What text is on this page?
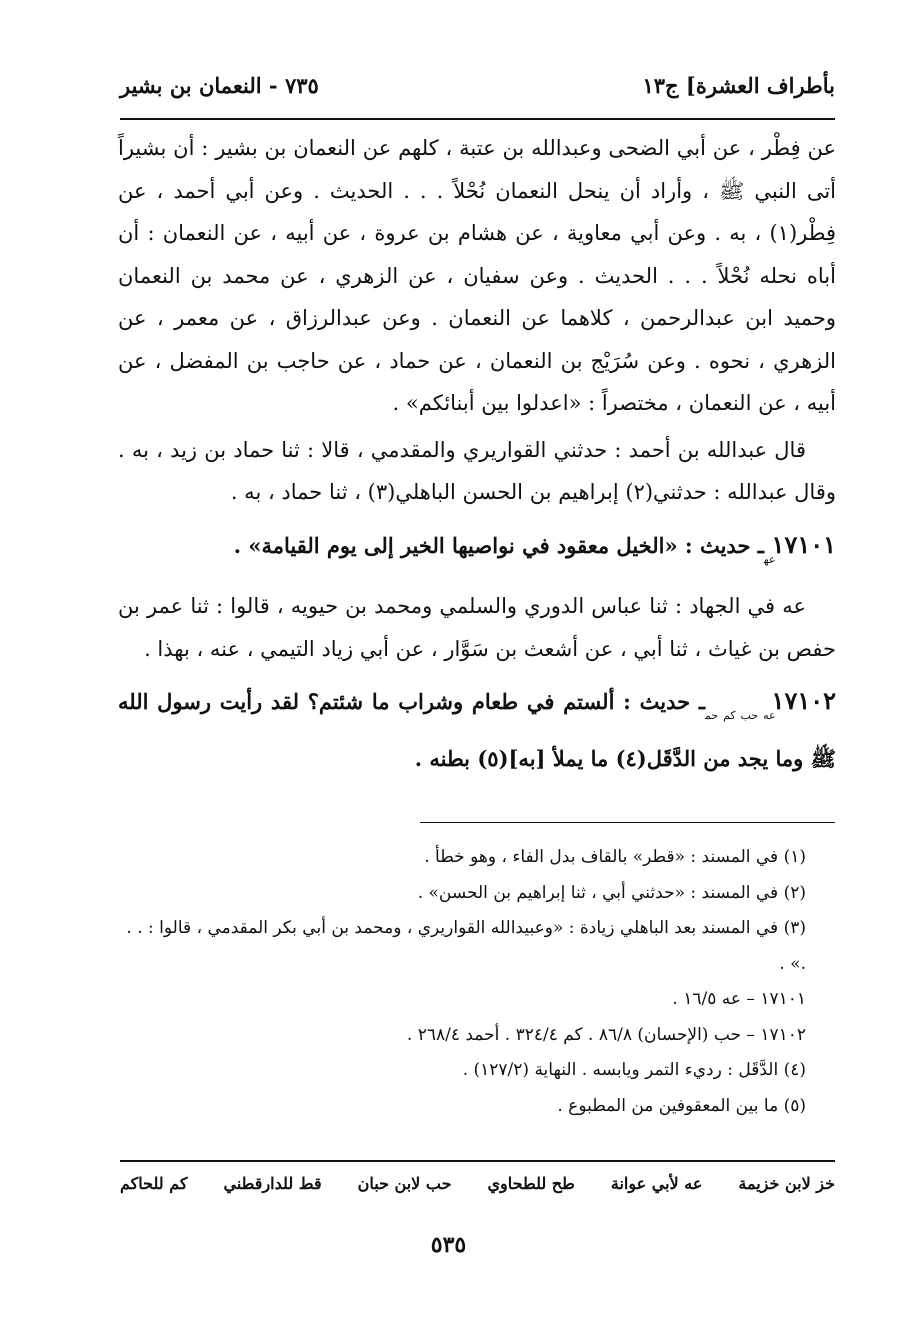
بأطراف العشرة] ج١٣
٧٣٥ - النعمان بن بشير

عن فِطْر ، عن أبي الضحى وعبدالله بن عتبة ، كلهم عن النعمان بن بشير : أن بشيراً أتى النبي ﷺ ، وأراد أن ينحل النعمان نُحْلاً . . . الحديث . وعن أبي أحمد ، عن فِطْر(١) ، به . وعن أبي معاوية ، عن هشام بن عروة ، عن أبيه ، عن النعمان : أن أباه نحله نُحْلاً . . . الحديث . وعن سفيان ، عن الزهري ، عن محمد بن النعمان وحميد ابن عبدالرحمن ، كلاهما عن النعمان . وعن عبدالرزاق ، عن معمر ، عن الزهري ، نحوه . وعن سُرَيْج بن النعمان ، عن حماد ، عن حاجب بن المفضل ، عن أبيه ، عن النعمان ، مختصراً : «اعدلوا بين أبنائكم» .

قال عبدالله بن أحمد : حدثني القواريري والمقدمي ، قالا : ثنا حماد بن زيد ، به . وقال عبدالله : حدثني(٢) إبراهيم بن الحسن الباهلي(٣) ، ثنا حماد ، به .

$١٧١٠١_{عه}ـ$ حديث : «الخيل معقود في نواصيها الخير إلى يوم القيامة» .

عه في الجهاد : ثنا عباس الدوري والسلمي ومحمد بن حيويه ، قالوا : ثنا عمر بن حفص بن غياث ، ثنا أبي ، عن أشعث بن سَوَّار ، عن أبي زياد التيمي ، عنه ، بهذا .

$١٧١٠٢_{عه حب كم حم}ـ$ حديث : ألستم في طعام وشراب ما شئتم؟ لقد رأيت رسول الله ﷺ وما يجد من الدَّقَل(٤) ما يملأ [به](٥) بطنه .

(١) في المسند : «قطر» بالقاف بدل الفاء ، وهو خطأ .
(٢) في المسند : «حدثني أبي ، ثنا إبراهيم بن الحسن» .
(٣) في المسند بعد الباهلي زيادة : «وعبيدالله القواريري ، ومحمد بن أبي بكر المقدمي ، قالوا : . . .» .
١٧١٠١ – عه ١٦/٥ .
١٧١٠٢ – حب (الإحسان) ٨٦/٨ . كم ٣٢٤/٤ . أحمد ٢٦٨/٤ .
(٤) الدَّقَل : رديء التمر ويابسه . النهاية (١٢٧/٢) .
(٥) ما بين المعقوفين من المطبوع .
خز لابن خزيمة
عه لأبي عوانة
طح للطحاوي
حب لابن حبان
قط للدارقطني
كم للحاكم
٥٣٥
